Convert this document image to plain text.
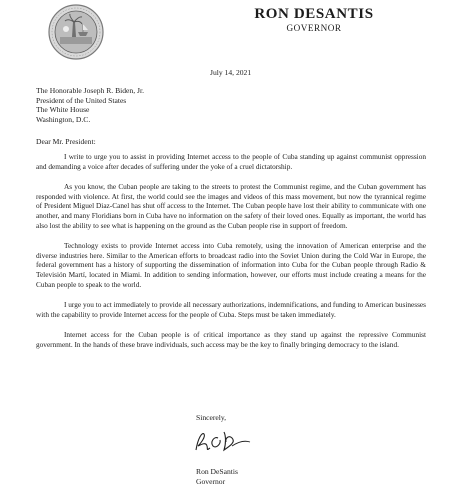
RON DESANTIS
GOVERNOR
July 14, 2021
The Honorable Joseph R. Biden, Jr.
President of the United States
The White House
Washington, D.C.
Dear Mr. President:

I write to urge you to assist in providing Internet access to the people of Cuba standing up against communist oppression and demanding a voice after decades of suffering under the yoke of a cruel dictatorship.

As you know, the Cuban people are taking to the streets to protest the Communist regime, and the Cuban government has responded with violence. At first, the world could see the images and videos of this mass movement, but now the tyrannical regime of President Miguel Diaz-Canel has shut off access to the Internet. The Cuban people have lost their ability to communicate with one another, and many Floridians born in Cuba have no information on the safety of their loved ones. Equally as important, the world has also lost the ability to see what is happening on the ground as the Cuban people rise in support of freedom.

Technology exists to provide Internet access into Cuba remotely, using the innovation of American enterprise and the diverse industries here. Similar to the American efforts to broadcast radio into the Soviet Union during the Cold War in Europe, the federal government has a history of supporting the dissemination of information into Cuba for the Cuban people through Radio & Televisión Martí, located in Miami. In addition to sending information, however, our efforts must include creating a means for the Cuban people to speak to the world.

I urge you to act immediately to provide all necessary authorizations, indemnifications, and funding to American businesses with the capability to provide Internet access for the people of Cuba. Steps must be taken immediately.

Internet access for the Cuban people is of critical importance as they stand up against the repressive Communist government. In the hands of these brave individuals, such access may be the key to finally bringing democracy to the island.

Sincerely,
Ron DeSantis
Governor
